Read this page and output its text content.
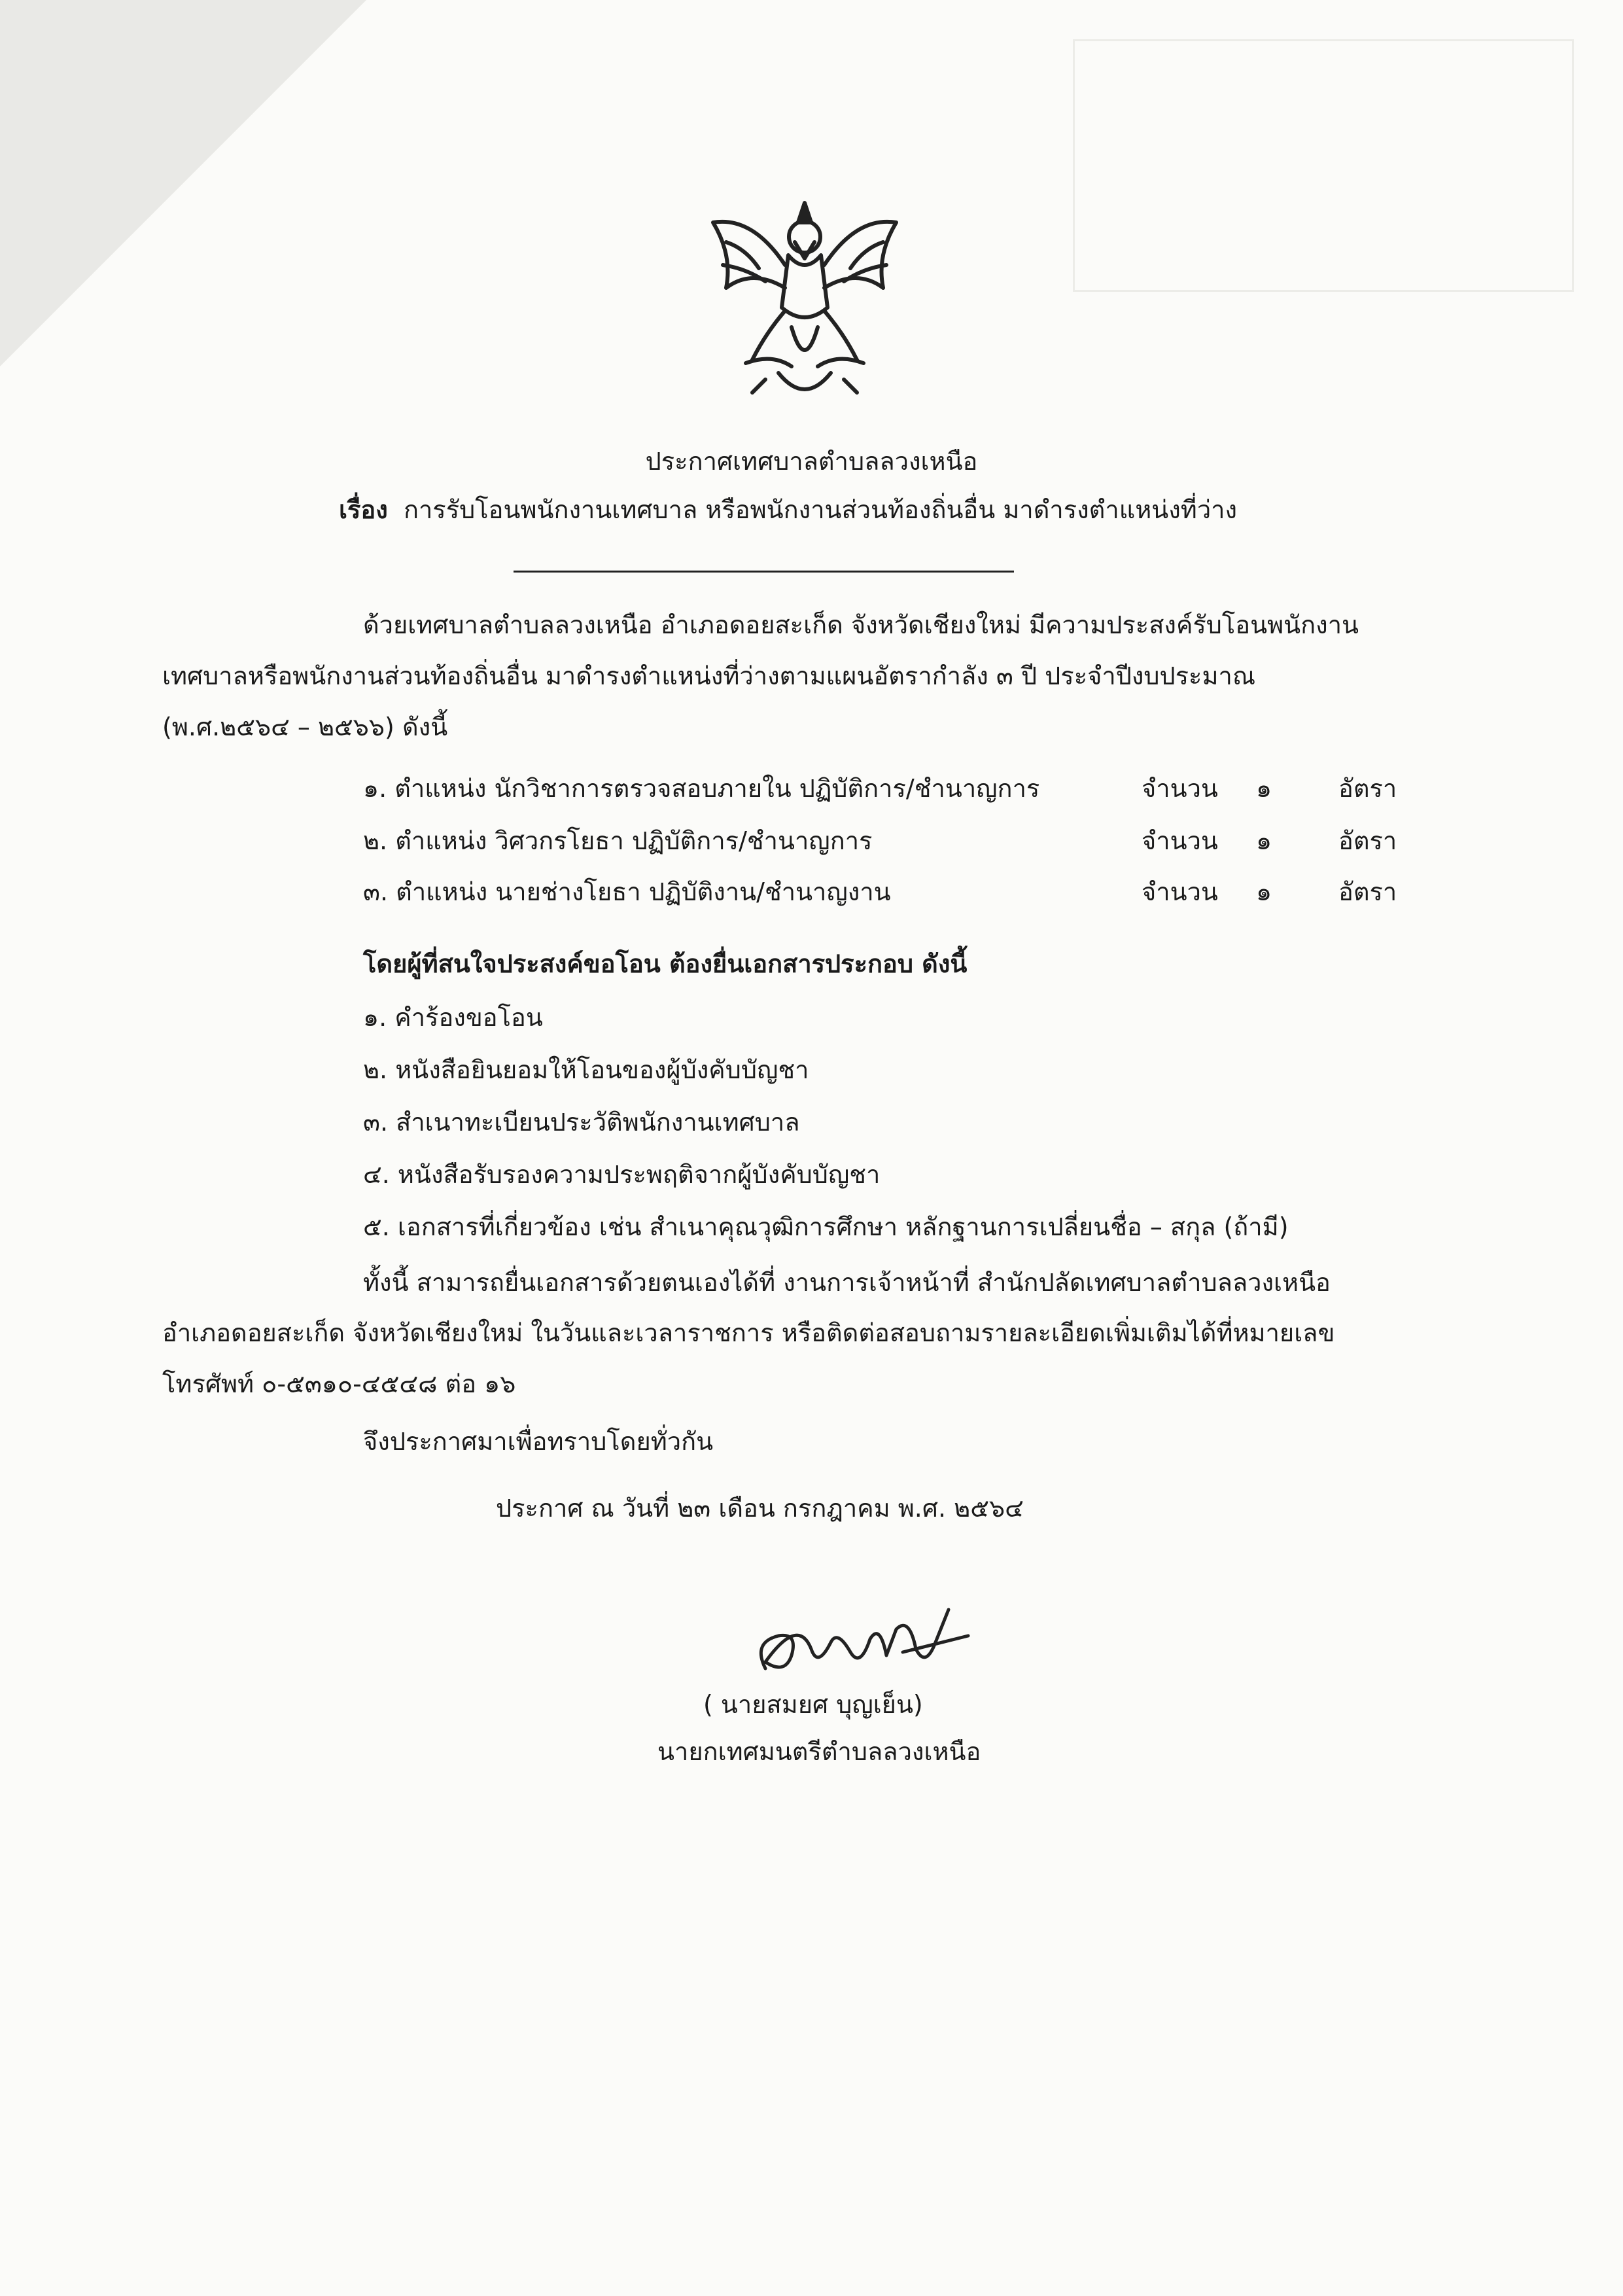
ประกาศเทศบาลตำบลลวงเหนือ
เรื่อง การรับโอนพนักงานเทศบาล หรือพนักงานส่วนท้องถิ่นอื่น มาดำรงตำแหน่งที่ว่าง
ด้วยเทศบาลตำบลลวงเหนือ อำเภอดอยสะเก็ด จังหวัดเชียงใหม่ มีความประสงค์รับโอนพนักงาน
เทศบาลหรือพนักงานส่วนท้องถิ่นอื่น มาดำรงตำแหน่งที่ว่างตามแผนอัตรากำลัง ๓ ปี ประจำปีงบประมาณ
(พ.ศ.๒๕๖๔ – ๒๕๖๖) ดังนี้
๑. ตำแหน่ง นักวิชาการตรวจสอบภายใน ปฏิบัติการ/ชำนาญการ	จำนวน ๑	อัตรา
๒. ตำแหน่ง วิศวกรโยธา ปฏิบัติการ/ชำนาญการ	จำนวน ๑	อัตรา
๓. ตำแหน่ง นายช่างโยธา ปฏิบัติงาน/ชำนาญงาน	จำนวน ๑	อัตรา
โดยผู้ที่สนใจประสงค์ขอโอน ต้องยื่นเอกสารประกอบ ดังนี้
๑. คำร้องขอโอน
๒. หนังสือยินยอมให้โอนของผู้บังคับบัญชา
๓. สำเนาทะเบียนประวัติพนักงานเทศบาล
๔. หนังสือรับรองความประพฤติจากผู้บังคับบัญชา
๕. เอกสารที่เกี่ยวข้อง เช่น สำเนาคุณวุฒิการศึกษา หลักฐานการเปลี่ยนชื่อ – สกุล (ถ้ามี)
ทั้งนี้ สามารถยื่นเอกสารด้วยตนเองได้ที่ งานการเจ้าหน้าที่ สำนักปลัดเทศบาลตำบลลวงเหนือ
อำเภอดอยสะเก็ด จังหวัดเชียงใหม่ ในวันและเวลาราชการ หรือติดต่อสอบถามรายละเอียดเพิ่มเติมได้ที่หมายเลข
โทรศัพท์ ๐-๕๓๑๐-๔๕๔๘ ต่อ ๑๖
จึงประกาศมาเพื่อทราบโดยทั่วกัน
ประกาศ ณ วันที่ ๒๓ เดือน กรกฎาคม พ.ศ. ๒๕๖๔
( นายสมยศ บุญเย็น)
นายกเทศมนตรีตำบลลวงเหนือ
